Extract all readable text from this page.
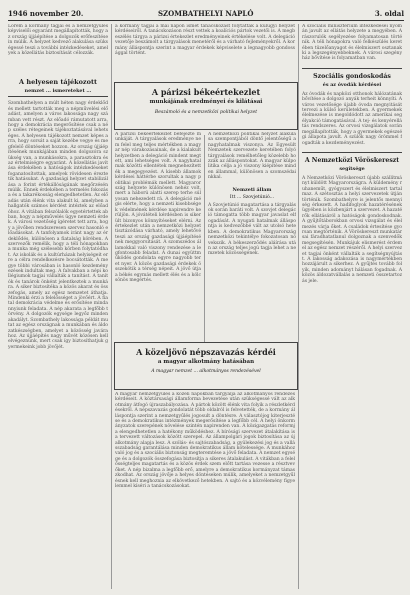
1946 november 20.	SZOMBATHELYI NAPLÓ	3. oldal
Lorem a kormány tagjai és a nemzetgyűlés képviselői egyaránt megállapították, hogy az ország újjáépítése a dolgozók erőfeszítésein múlik. A helyzet kedvező alakulása szükségessé teszi a további intézkedéseket, amelyek a közellátás biztosítását célozzák.
A helyesen tájékozott
nemzet ... ismereteket ...
Szombathelyen a múlt héten nagy érdeklődés mellett tartották meg a népművelési előadást, amelyen a város lakossága nagy számban vett részt. Az előadó rámutatott arra, hogy a demokrácia megerősítése csak a nép széles rétegeinek tájékoztatásával lehetséges. A helyesen tájékozott nemzet képes arra, hogy sorsát a saját kezébe vegye és megfelelő döntéseket hozzon. Az ország újjáépítésének munkájában minden dolgozóra szükség van, a munkásokra, a parasztokra és az értelmiségre egyaránt. A közellátás javítása érdekében a hatóságok intézkedéseket foganatosítottak, amelyek rövidesen éreztetik hatásukat. A gazdasági helyzet stabilizálása a forint értékállóságának megőrzésén múlik. Ennek érdekében a termelés fokozása és a takarékosság elengedhetetlen. Az előadás után élénk vita alakult ki, amelyben a hallgatók számos kérdést intéztek az előadóhoz. A vitában felszólalók egyetértettek abban, hogy a népművelés ügye nemzeti érdek. A városi vezetőség ígéretet tett arra, hogy a jövőben rendszeresen szervez hasonló előadásokat. A tanfolyamok iránt nagy az érdeklődés, különösen a fiatalság körében. A szervezők remélik, hogy a téli hónapokban a munka még szélesebb körben folytatódhat. Az iskolák és a kultúrházak helyiségeit erre a célra rendelkezésre bocsátották. A megye többi városában is hasonló kezdeményezések indultak meg. A falvakban a népi kollégiumok tagjai vállalták a tanítást. A tanítók és tanárok önként jelentkeztek a munkára. A siker biztosítéka a közös akarat és összefogás, amely az egész nemzetet áthatja. Mindenki érzi a felelősséget a jövőért. A fiatal demokrácia védelme és erősítése mindannyiunk feladata. A nép akarata a legfőbb törvény. A dolgozók egysége legyőz minden akadályt. Szombathely lakossága példát mutat az egész országnak a munkában és áldozatkészségben, amelyet a közösség javára hoz. Az újjáépítés nagy művét közösen kell elvégeznünk, mert csak így biztosíthatjuk gyermekeink jobb jövőjét.
a kormány tagjai a mai napon ismét tanácskozást folytattak a külügyi helyzet kérdéseiről. A tanácskozáson részt vettek a koalíciós pártok vezetői is. A megbeszélés tárgya a párizsi értekezlet eredményeinek értékelése volt. A delegáció vezetője beszámolt a tárgyalások menetéről és a várható fejleményekről. A kormány álláspontja szerint a magyar érdekek képviselete a legnagyobb gondossággal történt.
A párizsi békeértekezlet
munkájának eredményei és kilátásai
Beszámoló és a nemzetközi politikai helyzet
A párizsi békeértekezlet befejezte munkáját. A tárgyalások eredménye nem felel meg teljes mértékben a magyar nép várakozásainak, de a kialakult helyzetben a delegáció mindent megtett, ami lehetséges volt. A nagyhatalmak közötti ellentétek megnehezítették a megegyezést. A kisebb államok kérdései háttérbe szorultak a nagy politikai problémák mellett. Magyarország helyzete különösen nehéz volt, mert a háború alatti szerep terhe súlyosan nehezedett rá. A delegáció mégis elérte, hogy a nemzeti kisebbségek védelmének kérdése napirendre kerüljön. A jóvátételi kérdésben is sikerült bizonyos könnyítéseket elérni. Az értekezlet után a nemzetközi helyzet tisztázódása várható, amely lehetővé teszi az ország gazdasági újjáépítésének meggyorsítását. A szomszédos államokkal való viszony rendezése a legfontosabb feladat. A dunai együttműködés gondolata egyre nagyobb teret nyer. A közös gazdasági érdekek összekötik a térség népeit. A jövő útja a békés egymás mellett élés és a kölcsönös megértés.
A nemzetközi politikai helyzet alakulása szempontjából döntő jelentőségű a nagyhatalmak viszonya. Az Egyesült Nemzetek szervezete keretében folyó tárgyalások remélhetőleg közelebb hozzák az álláspontokat. A magyar külpolitika célja a jó viszony kiépítése minden állammal, különösen a szomszédainkkal.
Nemzeti állam
Itt ... Szovjetúnió...
A Szovjetúnió magatartása a tárgyalások során baráti volt. A szovjet delegáció támogatta több magyar javaslat elfogadását. A nyugati hatalmak álláspontja is kedvezőbbé vált az utolsó hetekben. A demokratikus Magyarország nemzetközi tekintélye fokozatosan növekszik. A békeszerződés aláírása után az ország teljes jogú tagja lehet a nemzetek közösségének.
A közeljövő népszavazás kérdéi
a magyar alkotmány hatásában
A magyar nemzet ... alkotmányos rendezésével
A magyar nemzetgyűlés a közeli napokban tárgyalja az alkotmányos rendezés kérdéseit. A köztársasági államforma bevezetése után szükségessé vált az alkotmány átfogó újraszabályozása. A pártok között élénk vita folyik a részletkérdésekről. A népszavazás gondolatát több oldalról is felvetették, de a kormány álláspontja szerint a nemzetgyűlés jogosult a döntésre. A választójog kiterjesztése és a demokratikus intézmények megerősítése a legfőbb cél. A helyi önkormányzatok szerepének növelése szintén napirenden van. A közigazgatás reformja elengedhetetlen a hatékony működéshez. A bírósági szervezet átalakítása is a tervezett változások között szerepel. Az állampolgári jogok biztosítása az új alkotmány alapja lesz. A szólás- és sajtószabadság, a gyülekezési jog és a vallásszabadság garantálása minden demokratikus állam kötelessége. A munkához való jog és a szociális biztonság megteremtése a jövő feladata. A nemzet egysége és a dolgozók összefogása biztosítja a sikeres átalakulást. A vitákban a felelősségteljes magatartás és a közös érdek szem előtt tartása vezesse a résztvevőket. A nép bizalma a legfőbb erő, amelyre a demokratikus kormányzat támaszkodhat. Az ország jövője a helyes döntéseken múlik, amelyeket a nemzetgyűlésnek kell meghoznia az elkövetkező hetekben. A sajtó és a közvélemény figyelemmel kíséri a tanácskozásokat.
A szociális minisztérium intézkedései nyomán javult az ellátás helyzete a megyében. A rászorulók segélyezése folyamatosan történik. A téli hónapokra való felkészülés keretében tüzelőanyagot és élelmiszert osztanak ki a legszegényebbeknek. A városi szegényház bővítése is folyamatban van.
Szociális gondoskodás
és az óvodák kérdései
Az óvodák és napközi otthonok hálózatának bővítése a dolgozó anyák terheit könnyíti. A város vezetősége újabb óvoda megnyitását tervezi a külső kerületekben. A gyermekek élelmezése is megoldódott az amerikai segélyakció támogatásával. A tej- és kenyérellátás rendszeres. Az orvosi vizsgálatok során megállapították, hogy a gyermekek egészségi állapota javult. A szülők nagy örömmel fogadták a kezdeményezést.
A Nemzetközi Vöröskereszt
segítsége
A Nemzetközi Vöröskereszt újabb szállítmányt küldött Magyarországra. A küldemény ruhaneműt, gyógyszert és élelmiszert tartalmaz. A szétosztás a helyi szervezetek útján történik. Szombathelyre is jelentős mennyiség érkezett. A hadifoglyok hazatérésének ügyében is közbenjárt a szervezet. A hazatérők ellátásáról a hatóságok gondoskodnak. A gyűjtőtáborokban orvosi vizsgálat és élelmezés várja őket. A családok értesítése gyorsan megtörténik. A Vöröskereszt munkatársai fáradhatatlanul dolgoznak a szenvedők megsegítésén. Munkájuk elismerést érdemel az egész nemzet részéről. A helyi szervezet tagjai önként vállalták a segítségnyújtást. A lakosság adakozása is nagymértékben hozzájárult a sikerhez. A gyűjtés tovább folyik, minden adományt hálásan fogadnak. A közös áldozatvállalás a nemzeti összetartozás jele.
